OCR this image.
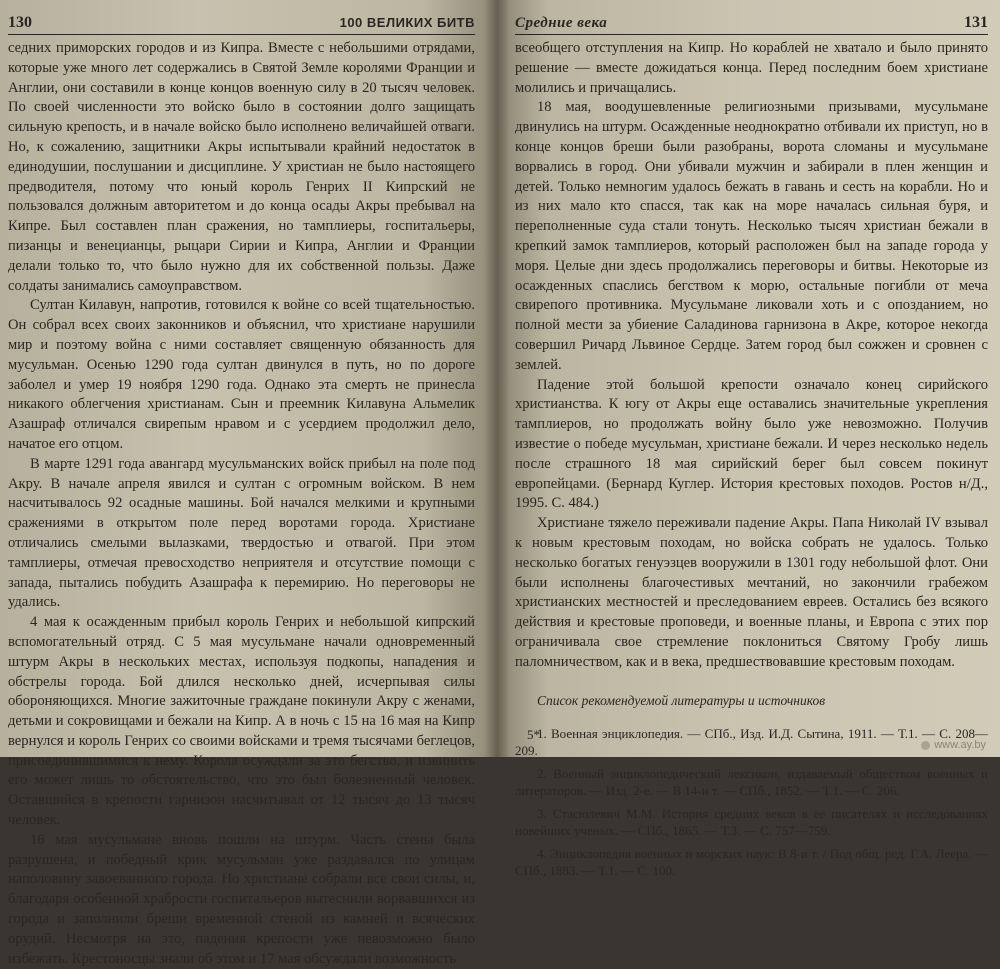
130	100 ВЕЛИКИХ БИТВ

седних приморских городов и из Кипра. Вместе с небольшими отрядами, которые уже много лет содержались в Святой Земле королями Франции и Англии, они составили в конце концов военную силу в 20 тысяч человек. По своей численности это войско было в состоянии долго защищать сильную крепость, и в начале войско было исполнено величайшей отваги. Но, к сожалению, защитники Акры испытывали крайний недостаток в единодушии, послушании и дисциплине. У христиан не было настоящего предводителя, потому что юный король Генрих II Кипрский не пользовался должным авторитетом и до конца осады Акры пребывал на Кипре. Был составлен план сражения, но тамплиеры, госпитальеры, пизанцы и венецианцы, рыцари Сирии и Кипра, Англии и Франции делали только то, что было нужно для их собственной пользы. Даже солдаты занимались самоуправством.

Султан Килавун, напротив, готовился к войне со всей тщательностью. Он собрал всех своих законников и объяснил, что христиане нарушили мир и поэтому война с ними составляет священную обязанность для мусульман. Осенью 1290 года султан двинулся в путь, но по дороге заболел и умер 19 ноября 1290 года. Однако эта смерть не принесла никакого облегчения христианам. Сын и преемник Килавуна Альмелик Азашраф отличался свирепым нравом и с усердием продолжил дело, начатое его отцом.

В марте 1291 года авангард мусульманских войск прибыл на поле под Акру. В начале апреля явился и султан с огромным войском. В нем насчитывалось 92 осадные машины. Бой начался мелкими и крупными сражениями в открытом поле перед воротами города. Христиане отличались смелыми вылазками, твердостью и отвагой. При этом тамплиеры, отмечая превосходство неприятеля и отсутствие помощи с запада, пытались побудить Азашрафа к перемирию. Но переговоры не удались.

4 мая к осажденным прибыл король Генрих и небольшой кипрский вспомогательный отряд. С 5 мая мусульмане начали одновременный штурм Акры в нескольких местах, используя подкопы, нападения и обстрелы города. Бой длился несколько дней, исчерпывая силы обороняющихся. Многие зажиточные граждане покинули Акру с женами, детьми и сокровищами и бежали на Кипр. А в ночь с 15 на 16 мая на Кипр вернулся и король Генрих со своими войсками и тремя тысячами беглецов, присоединившимися к нему. Короля осуждали за это бегство, и извинить его может лишь то обстоятельство, что это был болезненный человек. Оставшийся в крепости гарнизон насчитывал от 12 тысяч до 13 тысяч человек.

16 мая мусульмане вновь пошли на штурм. Часть стены была разрушена, и победный крик мусульман уже раздавался по улицам наполовину завоеванного города. Но христиане собрали все свои силы, и, благодаря особенной храбрости госпитальеров вытеснили ворвавшихся из города и заполнили бреши временной стеной из камней и всяческих орудий. Несмотря на это, падения крепости уже невозможно было избежать. Крестоносцы знали об этом и 17 мая обсуждали возможность

Средние века	131

всеобщего отступления на Кипр. Но кораблей не хватало и было принято решение — вместе дожидаться конца. Перед последним боем христиане молились и причащались.

18 мая, воодушевленные религиозными призывами, мусульмане двинулись на штурм. Осажденные неоднократно отбивали их приступ, но в конце концов бреши были разобраны, ворота сломаны и мусульмане ворвались в город. Они убивали мужчин и забирали в плен женщин и детей. Только немногим удалось бежать в гавань и сесть на корабли. Но и из них мало кто спасся, так как на море началась сильная буря, и переполненные суда стали тонуть. Несколько тысяч христиан бежали в крепкий замок тамплиеров, который расположен был на западе города у моря. Целые дни здесь продолжались переговоры и битвы. Некоторые из осажденных спаслись бегством к морю, остальные погибли от меча свирепого противника. Мусульмане ликовали хоть и с опозданием, но полной мести за убиение Саладинова гарнизона в Акре, которое некогда совершил Ричард Львиное Сердце. Затем город был сожжен и сровнен с землей.

Падение этой большой крепости означало конец сирийского христианства. К югу от Акры еще оставались значительные укрепления тамплиеров, но продолжать войну было уже невозможно. Получив известие о победе мусульман, христиане бежали. И через несколько недель после страшного 18 мая сирийский берег был совсем покинут европейцами. (Бернард Куглер. История крестовых походов. Ростов н/Д., 1995. С. 484.)

Христиане тяжело переживали падение Акры. Папа Николай IV взывал к новым крестовым походам, но войска собрать не удалось. Только несколько богатых генуэзцев вооружили в 1301 году небольшой флот. Они были исполнены благочестивых мечтаний, но закончили грабежом христианских местностей и преследованием евреев. Остались без всякого действия и крестовые проповеди, и военные планы, и Европа с этих пор ограничивала свое стремление поклониться Святому Гробу лишь паломничеством, как и в века, предшествовавшие крестовым походам.

Список рекомендуемой литературы и источников

1. Военная энциклопедия. — СПб., Изд. И.Д. Сытина, 1911. — Т.1. — С. 208—209.

2. Военный энциклопедический лексикон, издаваемый обществом военных и литераторов. — Изд. 2-е. — В 14-и т. — СПб., 1852. — Т.1. — С. 206.

3. Стасюлевич М.М. История средних веков в ее писателях и исследованиях новейших ученых. — СПб., 1865. — Т.3. — С. 757—759.

4. Энциклопедия военных и морских наук: В 8-и т. / Под общ. ред. Г.А. Леера. — СПб., 1883. — Т.1. — С. 100.

5*
www.ay.by
